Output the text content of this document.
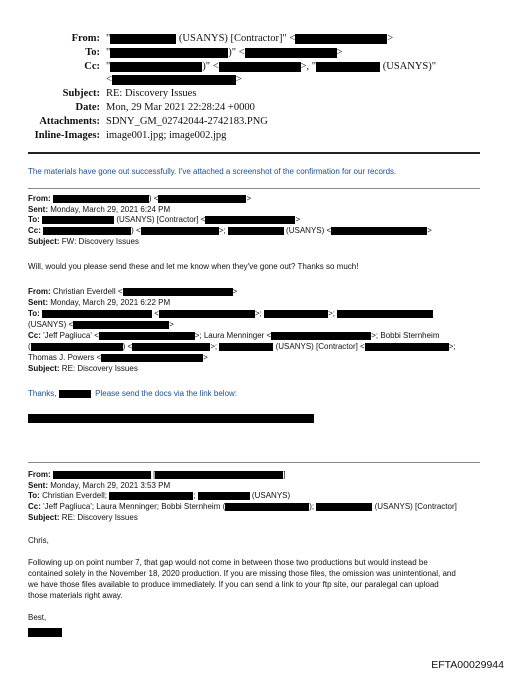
From: "	(USANYS) [Contractor]" <	>
To: "	)" <	>
Cc: "	)" <	>, "	(USANYS)"
<	>
Subject: RE: Discovery Issues
Date: Mon, 29 Mar 2021 22:28:24 +0000
Attachments: SDNY_GM_02742044-2742183.PNG
Inline-Images: image001.jpg; image002.jpg
The materials have gone out successfully. I've attached a screenshot of the confirmation for our records.
From:	) <	>
Sent: Monday, March 29, 2021 6:24 PM
To:	(USANYS) [Contractor] <	>
Cc:	) <	>;	(USANYS) <	>
Subject: FW: Discovery Issues
Will, would you please send these and let me know when they've gone out? Thanks so much!
From: Christian Everdell <	>
Sent: Monday, March 29, 2021 6:22 PM
To:	<	>;	>;
(USANYS) <	>
Cc: 'Jeff Pagliuca' <	>; Laura Menninger <	>; Bobbi Sternheim
(	) <	>;	(USANYS) [Contractor] <	>;
Thomas J. Powers <	>
Subject: RE: Discovery Issues
Thanks,	Please send the docs via the link below:
From:	[	]
Sent: Monday, March 29, 2021 3:53 PM
To: Christian Everdell;	;	(USANYS)
Cc: 'Jeff Pagliuca'; Laura Menninger; Bobbi Sternheim (	);	(USANYS) [Contractor]
Subject: RE: Discovery Issues
Chris,
Following up on point number 7, that gap would not come in between those two productions but would instead be
contained solely in the November 18, 2020 production. If you are missing those files, the omission was unintentional, and
we have those files available to produce immediately. If you can send a link to your ftp site, our paralegal can upload
those materials right away.
Best,
EFTA00029944
